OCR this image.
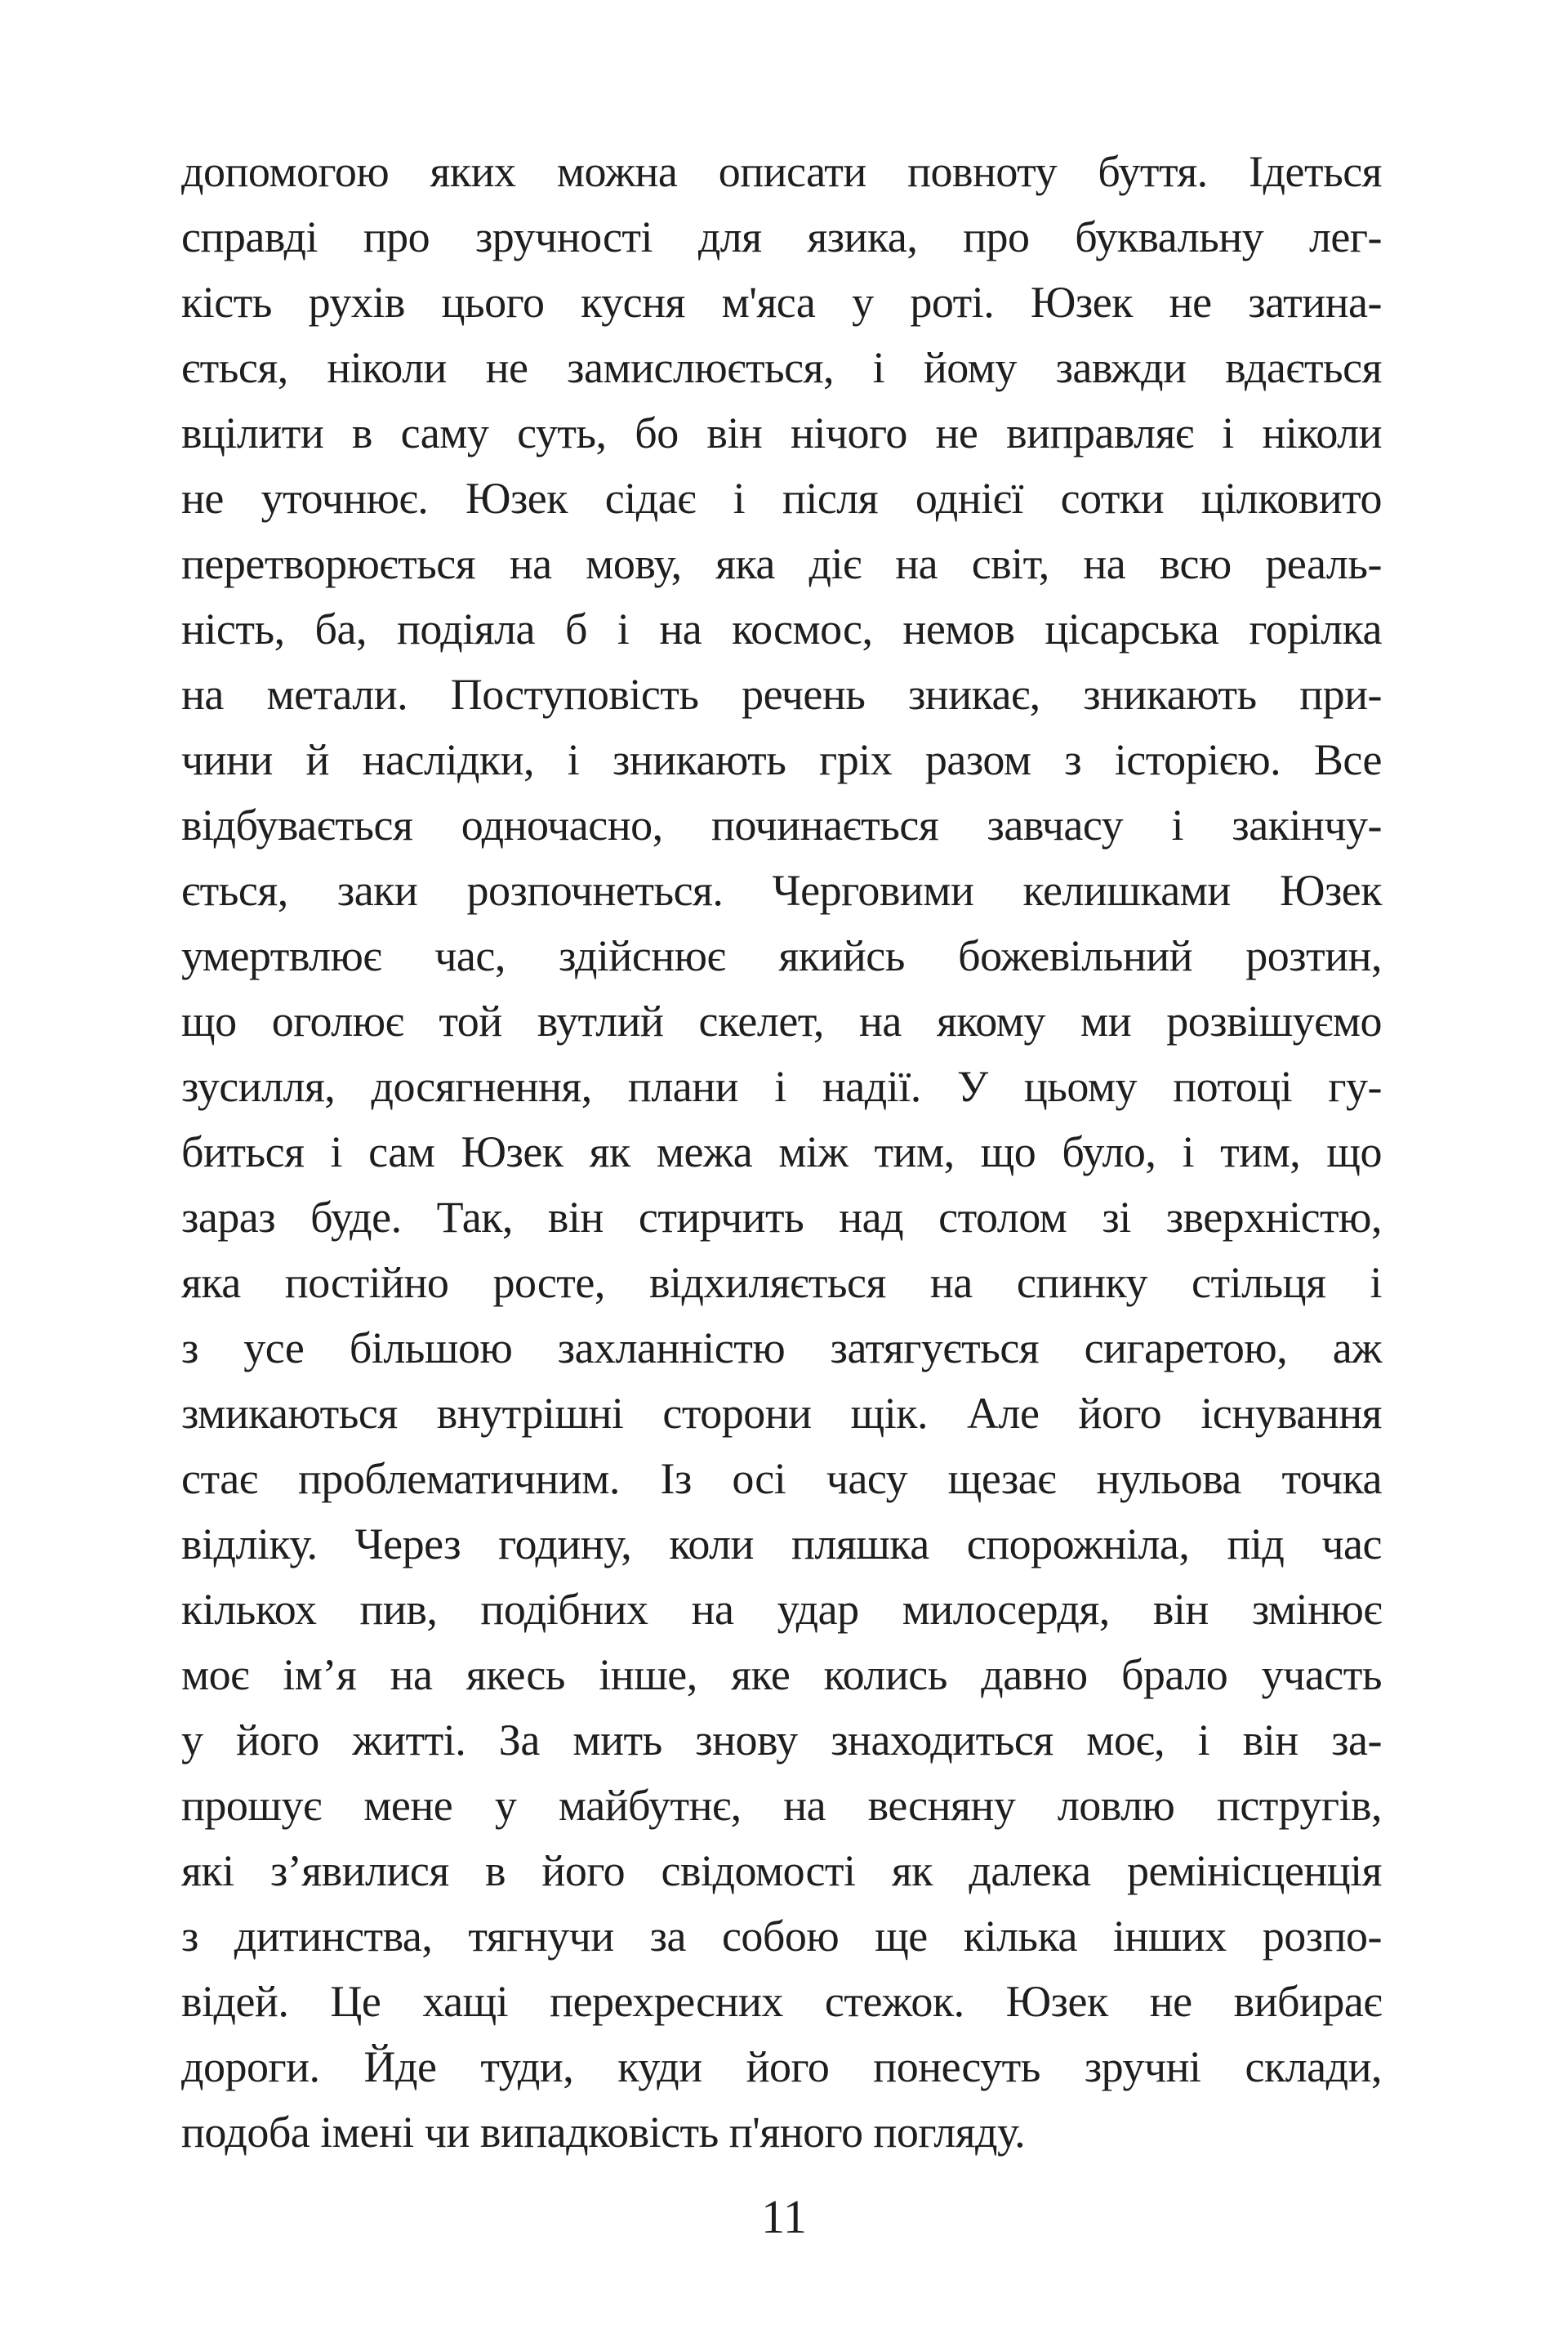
допомогою яких можна описати повноту буття. Ідеться
справді про зручності для язика, про буквальну лег-
кість рухів цього кусня м'яса у роті. Юзек не затина-
ється, ніколи не замислюється, і йому завжди вдається
вцілити в саму суть, бо він нічого не виправляє і ніколи
не уточнює. Юзек сідає і після однієї сотки цілковито
перетворюється на мову, яка діє на світ, на всю реаль-
ність, ба, подіяла б і на космос, немов цісарська горілка
на метали. Поступовість речень зникає, зникають при-
чини й наслідки, і зникають гріх разом з історією. Все
відбувається одночасно, починається завчасу і закінчу-
ється, заки розпочнеться. Черговими келишками Юзек
умертвлює час, здійснює якийсь божевільний розтин,
що оголює той вутлий скелет, на якому ми розвішуємо
зусилля, досягнення, плани і надії. У цьому потоці гу-
биться і сам Юзек як межа між тим, що було, і тим, що
зараз буде. Так, він стирчить над столом зі зверхністю,
яка постійно росте, відхиляється на спинку стільця і
з усе більшою захланністю затягується сигаретою, аж
змикаються внутрішні сторони щік. Але його існування
стає проблематичним. Із осі часу щезає нульова точка
відліку. Через годину, коли пляшка спорожніла, під час
кількох пив, подібних на удар милосердя, він змінює
моє ім’я на якесь інше, яке колись давно брало участь
у його житті. За мить знову знаходиться моє, і він за-
прошує мене у майбутнє, на весняну ловлю пстругів,
які з’явилися в його свідомості як далека ремінісценція
з дитинства, тягнучи за собою ще кілька інших розпо-
відей. Це хащі перехресних стежок. Юзек не вибирає
дороги. Йде туди, куди його понесуть зручні склади,
подоба імені чи випадковість п'яного погляду.
11
